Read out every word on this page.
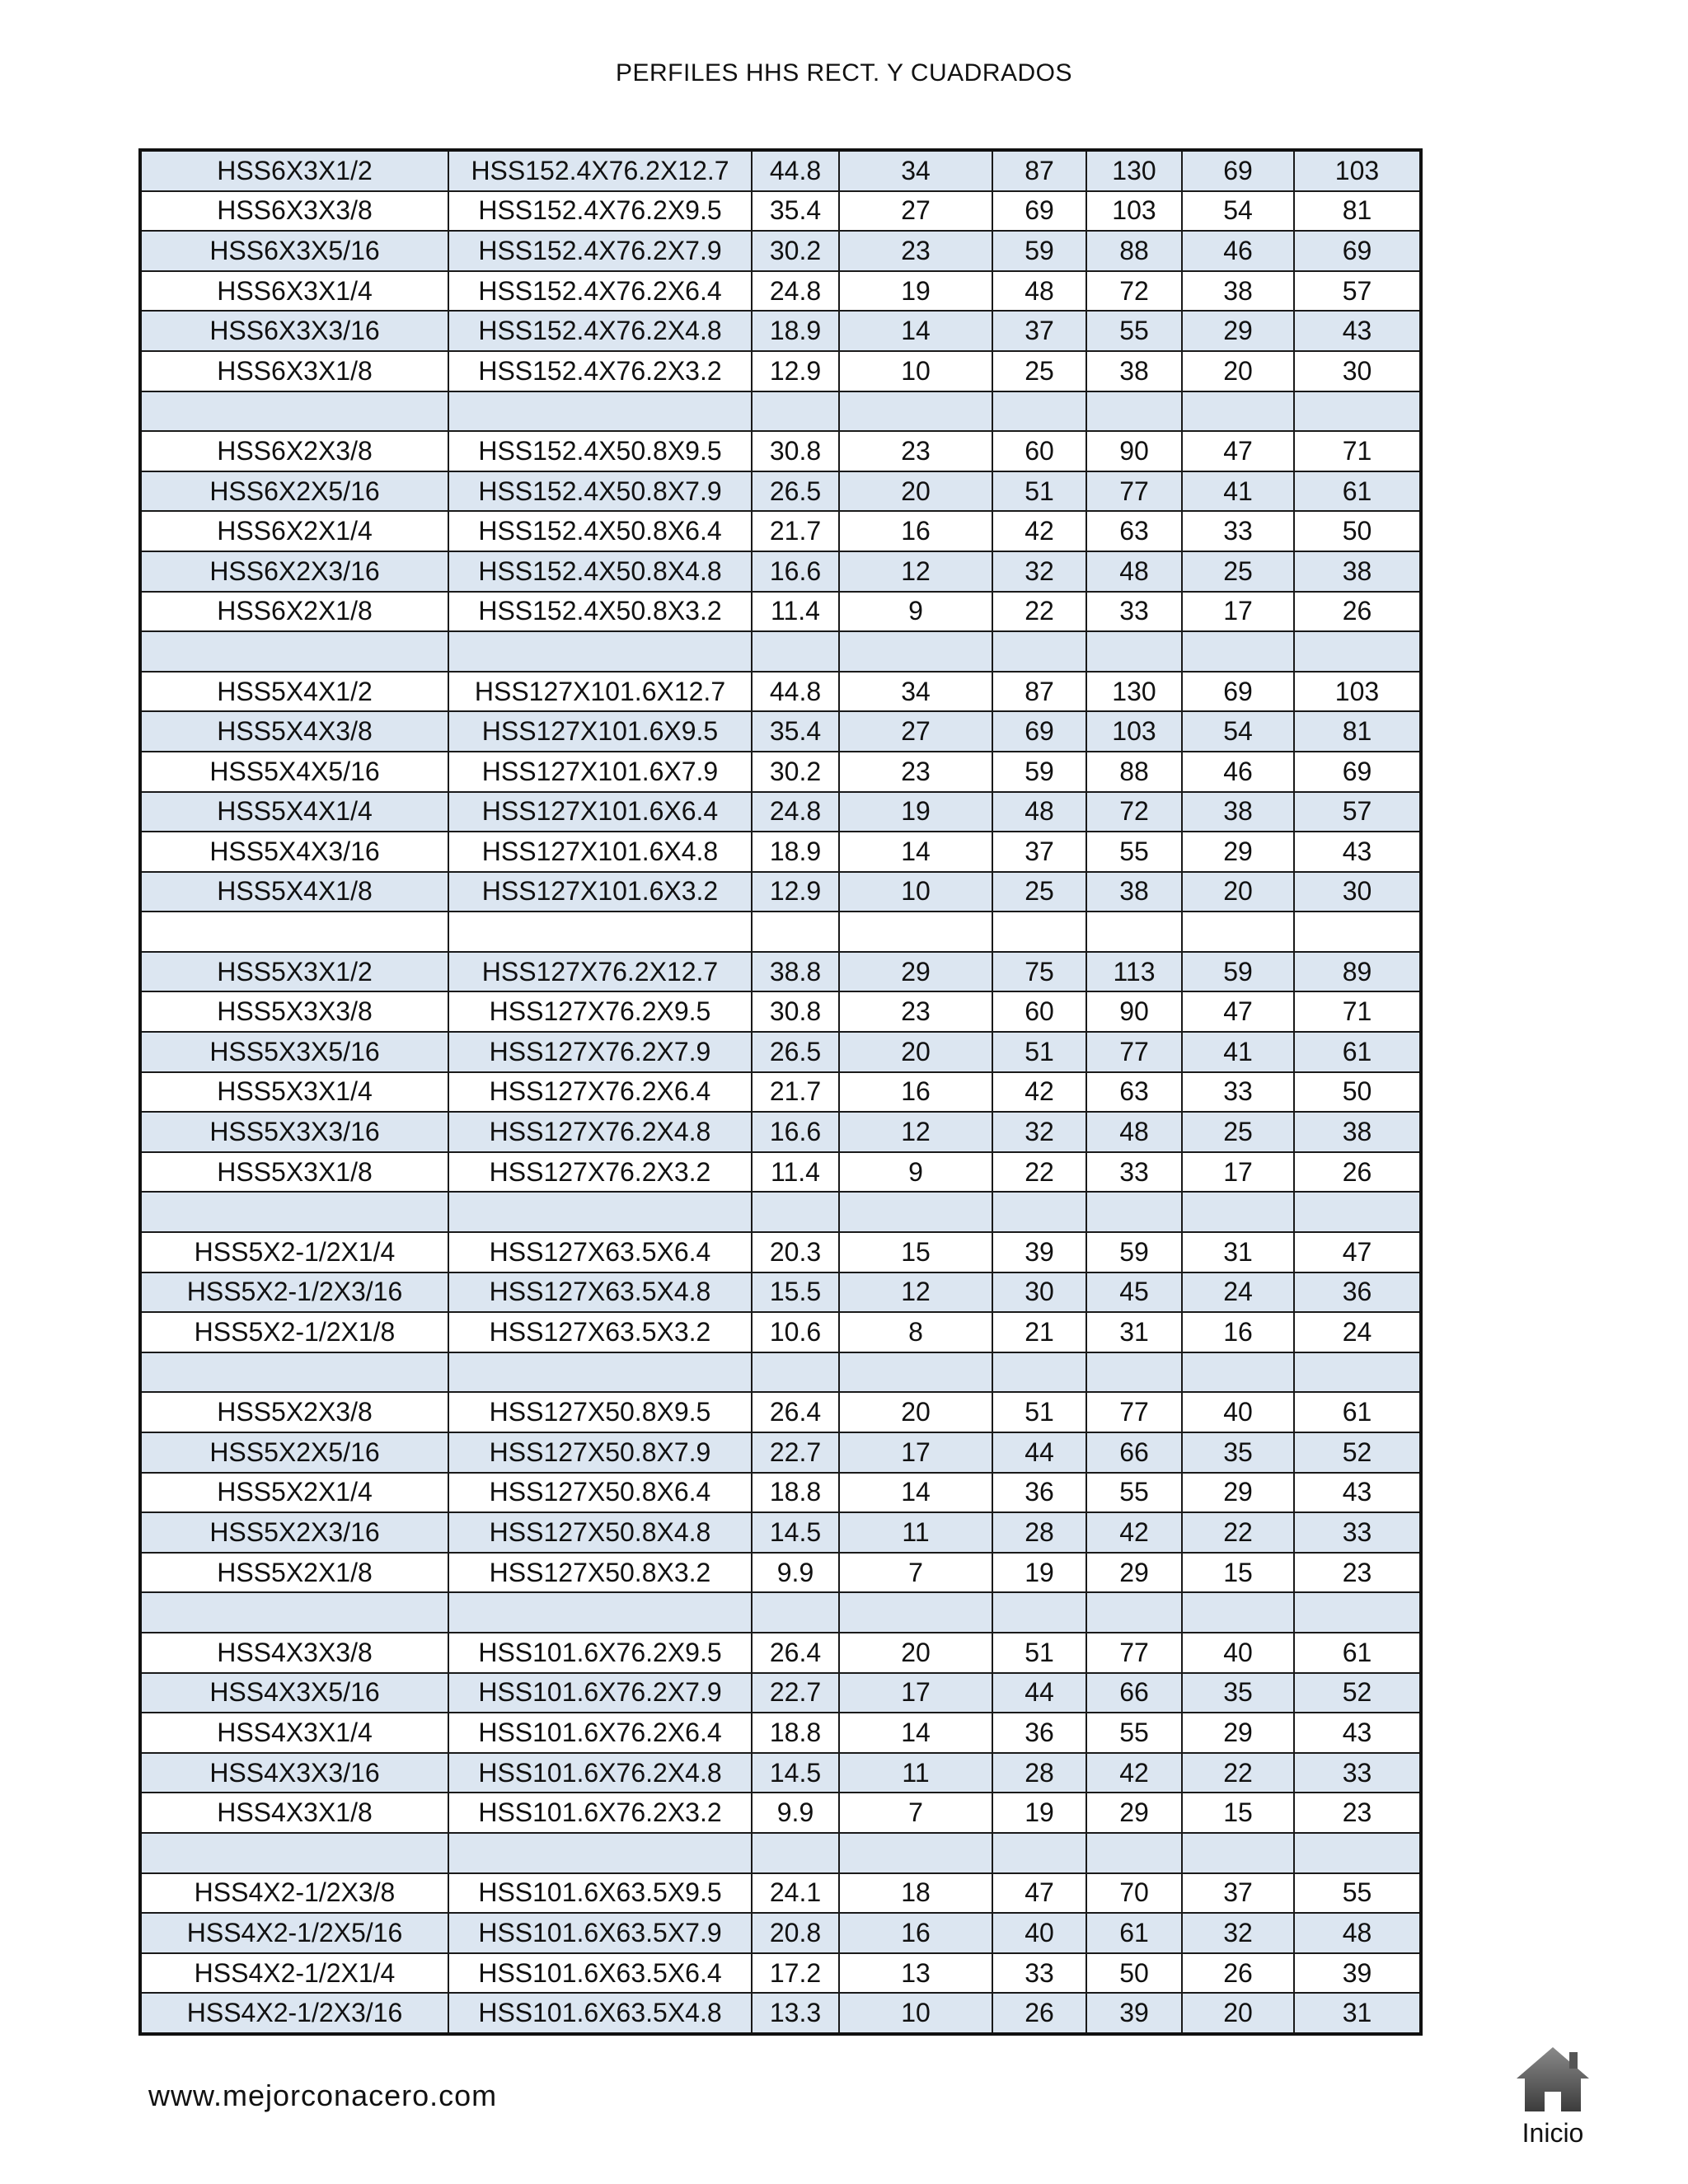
PERFILES HHS RECT. Y CUADRADOS
HSS6X3X1/2	HSS152.4X76.2X12.7	44.8	34	87	130	69	103
HSS6X3X3/8	HSS152.4X76.2X9.5	35.4	27	69	103	54	81
HSS6X3X5/16	HSS152.4X76.2X7.9	30.2	23	59	88	46	69
HSS6X3X1/4	HSS152.4X76.2X6.4	24.8	19	48	72	38	57
HSS6X3X3/16	HSS152.4X76.2X4.8	18.9	14	37	55	29	43
HSS6X3X1/8	HSS152.4X76.2X3.2	12.9	10	25	38	20	30

HSS6X2X3/8	HSS152.4X50.8X9.5	30.8	23	60	90	47	71
HSS6X2X5/16	HSS152.4X50.8X7.9	26.5	20	51	77	41	61
HSS6X2X1/4	HSS152.4X50.8X6.4	21.7	16	42	63	33	50
HSS6X2X3/16	HSS152.4X50.8X4.8	16.6	12	32	48	25	38
HSS6X2X1/8	HSS152.4X50.8X3.2	11.4	9	22	33	17	26

HSS5X4X1/2	HSS127X101.6X12.7	44.8	34	87	130	69	103
HSS5X4X3/8	HSS127X101.6X9.5	35.4	27	69	103	54	81
HSS5X4X5/16	HSS127X101.6X7.9	30.2	23	59	88	46	69
HSS5X4X1/4	HSS127X101.6X6.4	24.8	19	48	72	38	57
HSS5X4X3/16	HSS127X101.6X4.8	18.9	14	37	55	29	43
HSS5X4X1/8	HSS127X101.6X3.2	12.9	10	25	38	20	30

HSS5X3X1/2	HSS127X76.2X12.7	38.8	29	75	113	59	89
HSS5X3X3/8	HSS127X76.2X9.5	30.8	23	60	90	47	71
HSS5X3X5/16	HSS127X76.2X7.9	26.5	20	51	77	41	61
HSS5X3X1/4	HSS127X76.2X6.4	21.7	16	42	63	33	50
HSS5X3X3/16	HSS127X76.2X4.8	16.6	12	32	48	25	38
HSS5X3X1/8	HSS127X76.2X3.2	11.4	9	22	33	17	26

HSS5X2-1/2X1/4	HSS127X63.5X6.4	20.3	15	39	59	31	47
HSS5X2-1/2X3/16	HSS127X63.5X4.8	15.5	12	30	45	24	36
HSS5X2-1/2X1/8	HSS127X63.5X3.2	10.6	8	21	31	16	24

HSS5X2X3/8	HSS127X50.8X9.5	26.4	20	51	77	40	61
HSS5X2X5/16	HSS127X50.8X7.9	22.7	17	44	66	35	52
HSS5X2X1/4	HSS127X50.8X6.4	18.8	14	36	55	29	43
HSS5X2X3/16	HSS127X50.8X4.8	14.5	11	28	42	22	33
HSS5X2X1/8	HSS127X50.8X3.2	9.9	7	19	29	15	23

HSS4X3X3/8	HSS101.6X76.2X9.5	26.4	20	51	77	40	61
HSS4X3X5/16	HSS101.6X76.2X7.9	22.7	17	44	66	35	52
HSS4X3X1/4	HSS101.6X76.2X6.4	18.8	14	36	55	29	43
HSS4X3X3/16	HSS101.6X76.2X4.8	14.5	11	28	42	22	33
HSS4X3X1/8	HSS101.6X76.2X3.2	9.9	7	19	29	15	23

HSS4X2-1/2X3/8	HSS101.6X63.5X9.5	24.1	18	47	70	37	55
HSS4X2-1/2X5/16	HSS101.6X63.5X7.9	20.8	16	40	61	32	48
HSS4X2-1/2X1/4	HSS101.6X63.5X6.4	17.2	13	33	50	26	39
HSS4X2-1/2X3/16	HSS101.6X63.5X4.8	13.3	10	26	39	20	31
www.mejorconacero.com
Inicio
